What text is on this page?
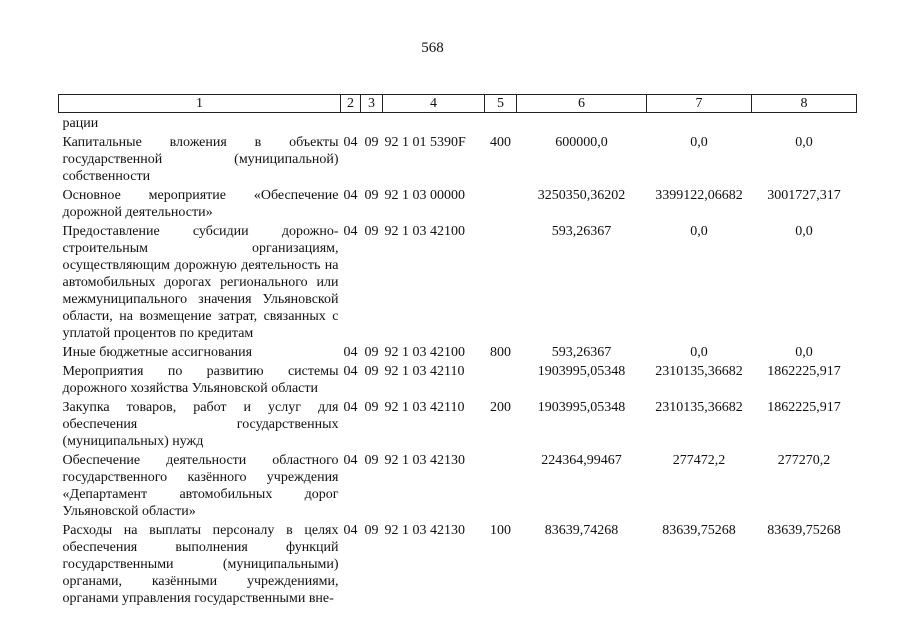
568
1	2	3	4	5	6	7	8
рации							
Капитальные вложения в объекты государственной (муниципальной) собственности	04	09	92 1 01 5390F	400	600000,0	0,0	0,0
Основное мероприятие «Обеспечение дорожной деятельности»	04	09	92 1 03 00000		3250350,36202	3399122,06682	3001727,317
Предоставление субсидии дорожно-строительным организациям, осуществляющим дорожную деятельность на автомобильных дорогах регионального или межмуниципального значения Ульяновской области, на возмещение затрат, связанных с уплатой процентов по кредитам	04	09	92 1 03 42100		593,26367	0,0	0,0
Иные бюджетные ассигнования	04	09	92 1 03 42100	800	593,26367	0,0	0,0
Мероприятия по развитию системы дорожного хозяйства Ульяновской области	04	09	92 1 03 42110		1903995,05348	2310135,36682	1862225,917
Закупка товаров, работ и услуг для обеспечения государственных (муниципальных) нужд	04	09	92 1 03 42110	200	1903995,05348	2310135,36682	1862225,917
Обеспечение деятельности областного государственного казённого учреждения «Департамент автомобильных дорог Ульяновской области»	04	09	92 1 03 42130		224364,99467	277472,2	277270,2
Расходы на выплаты персоналу в целях обеспечения выполнения функций государственными (муниципальными) органами, казёнными учреждениями, органами управления государственными вне-	04	09	92 1 03 42130	100	83639,74268	83639,75268	83639,75268
